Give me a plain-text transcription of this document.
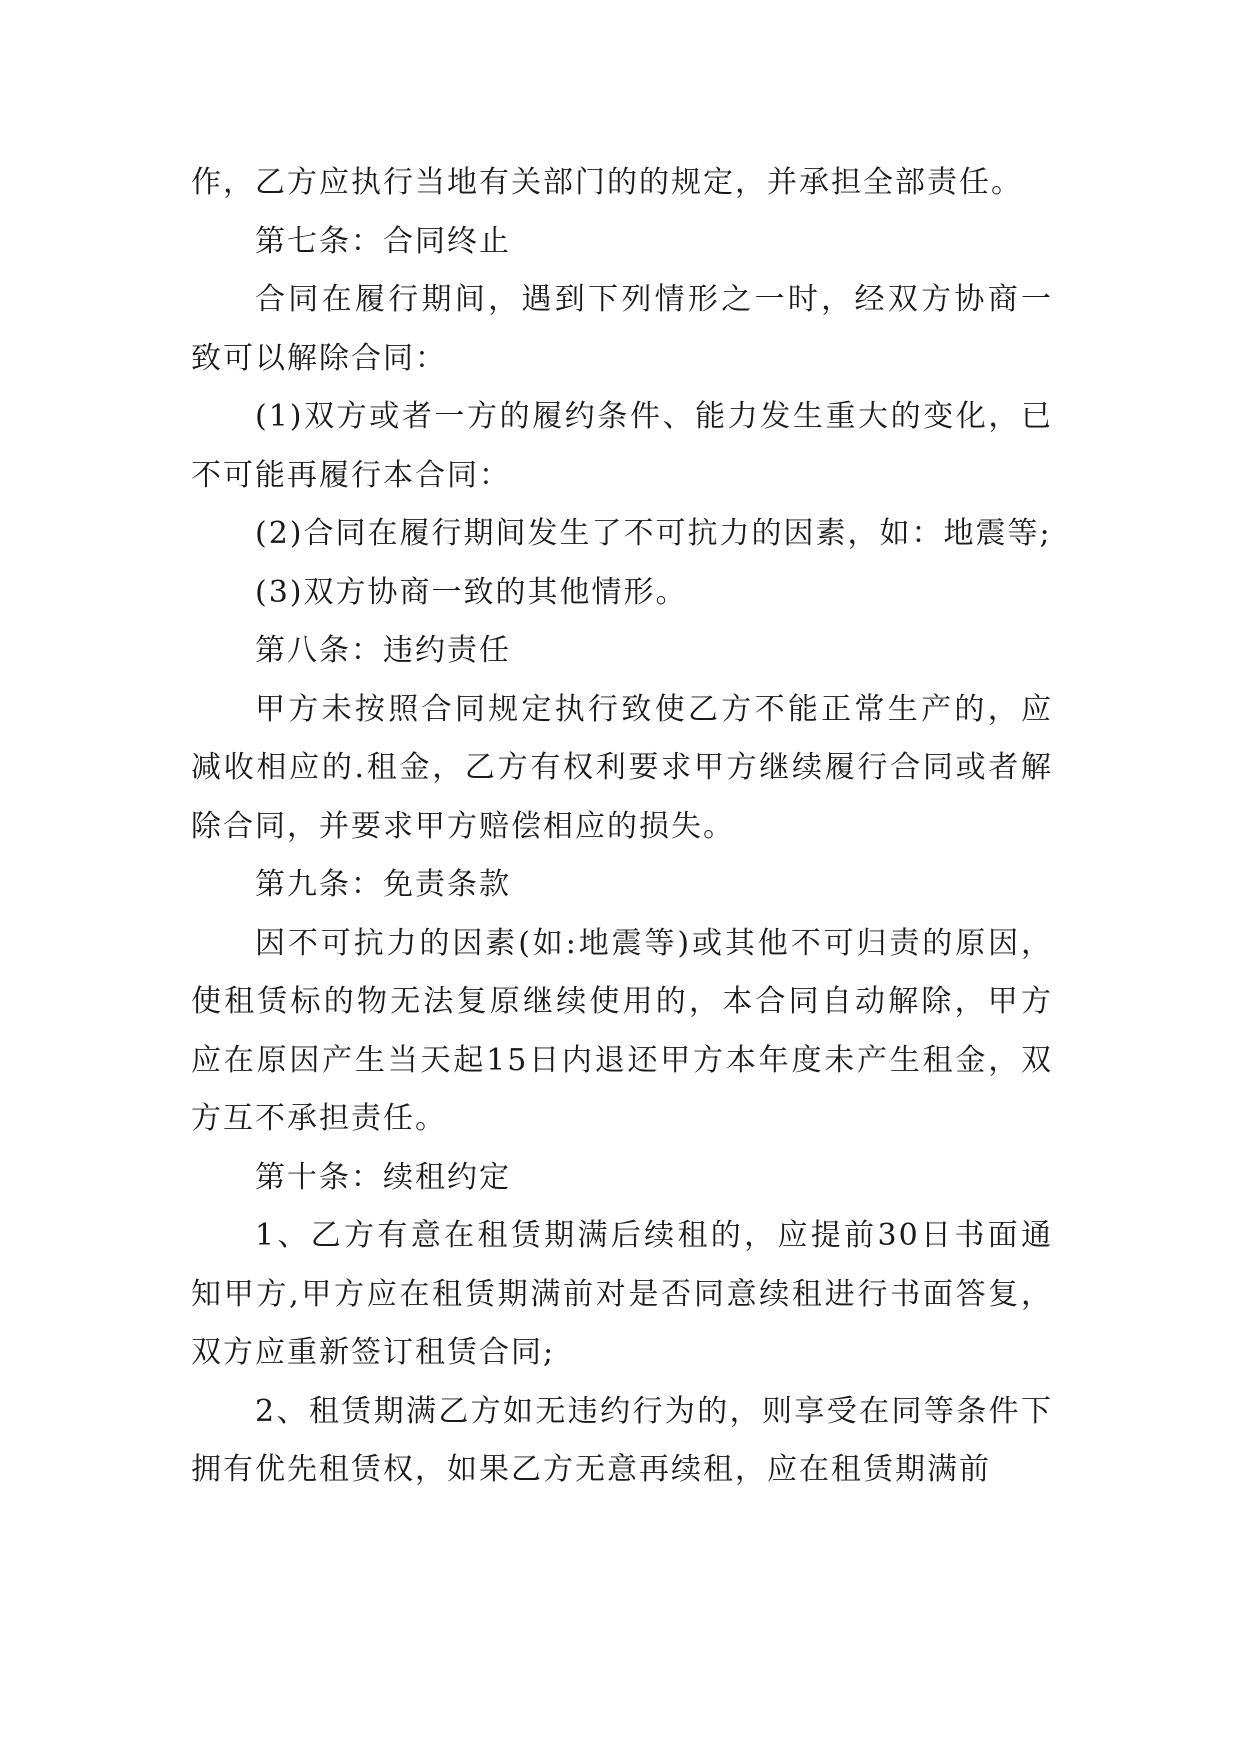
作，乙方应执行当地有关部门的的规定，并承担全部责任。

第七条：合同终止

合同在履行期间，遇到下列情形之一时，经双方协商一致可以解除合同：

(1)双方或者一方的履约条件、能力发生重大的变化，已不可能再履行本合同：

(2)合同在履行期间发生了不可抗力的因素，如：地震等;

(3)双方协商一致的其他情形。

第八条：违约责任

甲方未按照合同规定执行致使乙方不能正常生产的，应减收相应的.租金，乙方有权利要求甲方继续履行合同或者解除合同，并要求甲方赔偿相应的损失。

第九条：免责条款

因不可抗力的因素(如:地震等)或其他不可归责的原因，使租赁标的物无法复原继续使用的，本合同自动解除，甲方应在原因产生当天起15日内退还甲方本年度未产生租金，双方互不承担责任。

第十条：续租约定

1、乙方有意在租赁期满后续租的，应提前30日书面通知甲方,甲方应在租赁期满前对是否同意续租进行书面答复，双方应重新签订租赁合同;

2、租赁期满乙方如无违约行为的，则享受在同等条件下拥有优先租赁权，如果乙方无意再续租，应在租赁期满前
